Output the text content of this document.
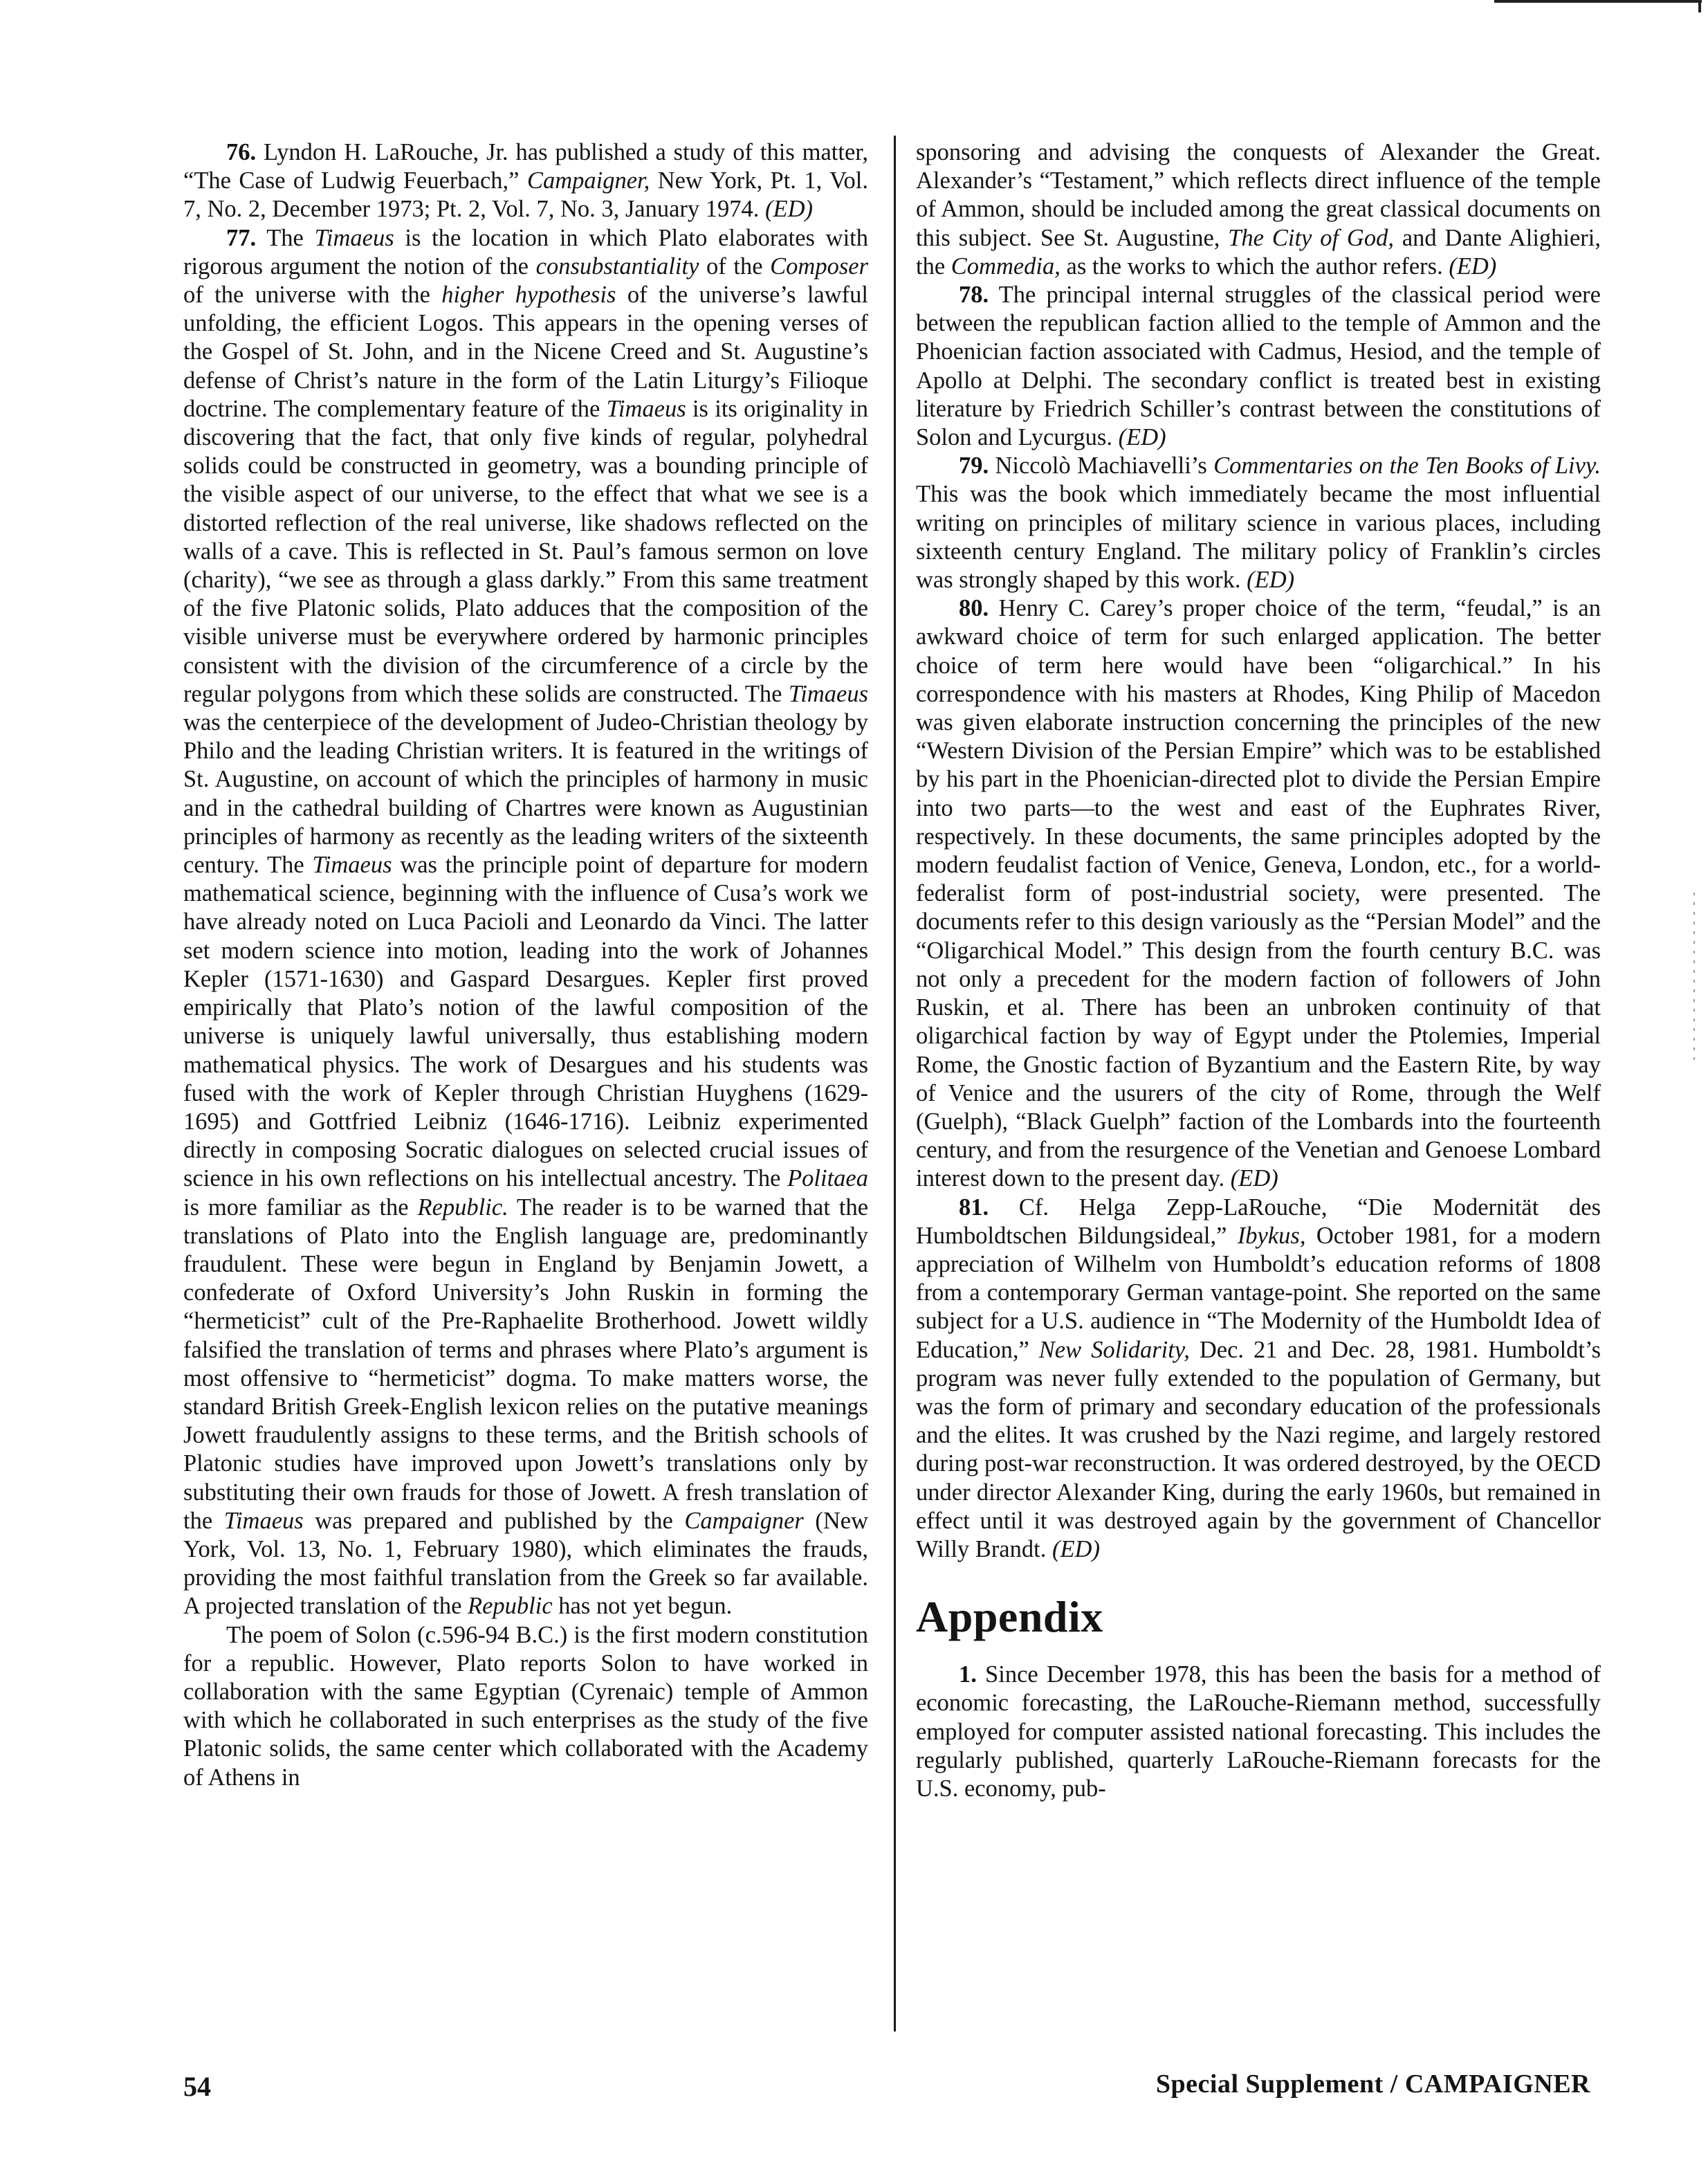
76. Lyndon H. LaRouche, Jr. has published a study of this matter, “The Case of Ludwig Feuerbach,” Campaigner, New York, Pt. 1, Vol. 7, No. 2, December 1973; Pt. 2, Vol. 7, No. 3, January 1974. (ED)

77. The Timaeus is the location in which Plato elaborates with rigorous argument the notion of the consubstantiality of the Composer of the universe with the higher hypothesis of the universe’s lawful unfolding, the efficient Logos. This appears in the opening verses of the Gospel of St. John, and in the Nicene Creed and St. Augustine’s defense of Christ’s nature in the form of the Latin Liturgy’s Filioque doctrine. The complementary feature of the Timaeus is its originality in discovering that the fact, that only five kinds of regular, polyhedral solids could be constructed in geometry, was a bounding principle of the visible aspect of our universe, to the effect that what we see is a distorted reflection of the real universe, like shadows reflected on the walls of a cave. This is reflected in St. Paul’s famous sermon on love (charity), “we see as through a glass darkly.” From this same treatment of the five Platonic solids, Plato adduces that the composition of the visible universe must be everywhere ordered by harmonic principles consistent with the division of the circumference of a circle by the regular polygons from which these solids are constructed. The Timaeus was the centerpiece of the development of Judeo-Christian theology by Philo and the leading Christian writers. It is featured in the writings of St. Augustine, on account of which the principles of harmony in music and in the cathedral building of Chartres were known as Augustinian principles of harmony as recently as the leading writers of the sixteenth century. The Timaeus was the principle point of departure for modern mathematical science, beginning with the influence of Cusa’s work we have already noted on Luca Pacioli and Leonardo da Vinci. The latter set modern science into motion, leading into the work of Johannes Kepler (1571-1630) and Gaspard Desargues. Kepler first proved empirically that Plato’s notion of the lawful composition of the universe is uniquely lawful universally, thus establishing modern mathematical physics. The work of Desargues and his students was fused with the work of Kepler through Christian Huyghens (1629-1695) and Gottfried Leibniz (1646-1716). Leibniz experimented directly in composing Socratic dialogues on selected crucial issues of science in his own reflections on his intellectual ancestry. The Politaea is more familiar as the Republic. The reader is to be warned that the translations of Plato into the English language are, predominantly fraudulent. These were begun in England by Benjamin Jowett, a confederate of Oxford University’s John Ruskin in forming the “hermeticist” cult of the Pre-Raphaelite Brotherhood. Jowett wildly falsified the translation of terms and phrases where Plato’s argument is most offensive to “hermeticist” dogma. To make matters worse, the standard British Greek-English lexicon relies on the putative meanings Jowett fraudulently assigns to these terms, and the British schools of Platonic studies have improved upon Jowett’s translations only by substituting their own frauds for those of Jowett. A fresh translation of the Timaeus was prepared and published by the Campaigner (New York, Vol. 13, No. 1, February 1980), which eliminates the frauds, providing the most faithful translation from the Greek so far available. A projected translation of the Republic has not yet begun.

The poem of Solon (c.596-94 B.C.) is the first modern constitution for a republic. However, Plato reports Solon to have worked in collaboration with the same Egyptian (Cyrenaic) temple of Ammon with which he collaborated in such enterprises as the study of the five Platonic solids, the same center which collaborated with the Academy of Athens in

sponsoring and advising the conquests of Alexander the Great. Alexander’s “Testament,” which reflects direct influence of the temple of Ammon, should be included among the great classical documents on this subject. See St. Augustine, The City of God, and Dante Alighieri, the Commedia, as the works to which the author refers. (ED)

78. The principal internal struggles of the classical period were between the republican faction allied to the temple of Ammon and the Phoenician faction associated with Cadmus, Hesiod, and the temple of Apollo at Delphi. The secondary conflict is treated best in existing literature by Friedrich Schiller’s contrast between the constitutions of Solon and Lycurgus. (ED)

79. Niccolò Machiavelli’s Commentaries on the Ten Books of Livy. This was the book which immediately became the most influential writing on principles of military science in various places, including sixteenth century England. The military policy of Franklin’s circles was strongly shaped by this work. (ED)

80. Henry C. Carey’s proper choice of the term, “feudal,” is an awkward choice of term for such enlarged application. The better choice of term here would have been “oligarchical.” In his correspondence with his masters at Rhodes, King Philip of Macedon was given elaborate instruction concerning the principles of the new “Western Division of the Persian Empire” which was to be established by his part in the Phoenician-directed plot to divide the Persian Empire into two parts—to the west and east of the Euphrates River, respectively. In these documents, the same principles adopted by the modern feudalist faction of Venice, Geneva, London, etc., for a world-federalist form of post-industrial society, were presented. The documents refer to this design variously as the “Persian Model” and the “Oligarchical Model.” This design from the fourth century B.C. was not only a precedent for the modern faction of followers of John Ruskin, et al. There has been an unbroken continuity of that oligarchical faction by way of Egypt under the Ptolemies, Imperial Rome, the Gnostic faction of Byzantium and the Eastern Rite, by way of Venice and the usurers of the city of Rome, through the Welf (Guelph), “Black Guelph” faction of the Lombards into the fourteenth century, and from the resurgence of the Venetian and Genoese Lombard interest down to the present day. (ED)

81. Cf. Helga Zepp-LaRouche, “Die Modernität des Humboldtschen Bildungsideal,” Ibykus, October 1981, for a modern appreciation of Wilhelm von Humboldt’s education reforms of 1808 from a contemporary German vantage-point. She reported on the same subject for a U.S. audience in “The Modernity of the Humboldt Idea of Education,” New Solidarity, Dec. 21 and Dec. 28, 1981. Humboldt’s program was never fully extended to the population of Germany, but was the form of primary and secondary education of the professionals and the elites. It was crushed by the Nazi regime, and largely restored during post-war reconstruction. It was ordered destroyed, by the OECD under director Alexander King, during the early 1960s, but remained in effect until it was destroyed again by the government of Chancellor Willy Brandt. (ED)

Appendix

1. Since December 1978, this has been the basis for a method of economic forecasting, the LaRouche-Riemann method, successfully employed for computer assisted national forecasting. This includes the regularly published, quarterly LaRouche-Riemann forecasts for the U.S. economy, pub-

54	Special Supplement / CAMPAIGNER
